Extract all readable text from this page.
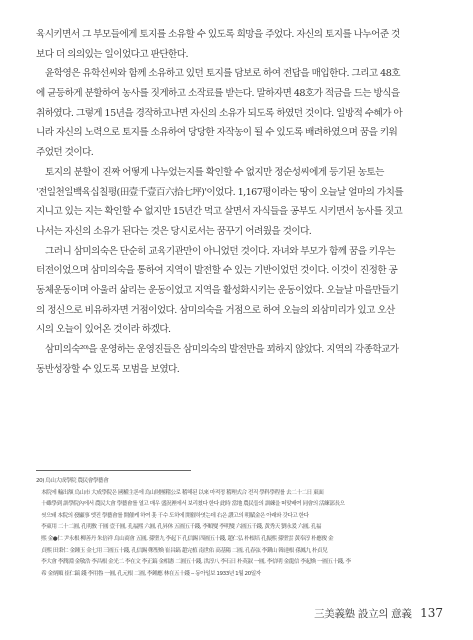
육시키면서 그 부모들에게 토지를 소유할 수 있도록 희망을 주었다. 자신의 토지를 나누어준 것
보다 더 의의있는 일이었다고 판단한다.
　윤학영은 유학선씨와 함께 소유하고 있던 토지를 담보로 하여 전답을 매입한다. 그리고 48호
에 균등하게 분할하여 농사를 짓게하고 소작료를 받는다. 말하자면 48호가 적금을 드는 방식을
취하였다. 그렇게 15년을 경작하고나면 자신의 소유가 되도록 하였던 것이다. 일방적 수혜가 아
니라 자신의 노력으로 토지를 소유하여 당당한 자작농이 될 수 있도록 배려하였으며 꿈을 키워
주었던 것이다.
　토지의 분할이 진짜 어떻게 나누었는지를 확인할 수 없지만 정순성씨에게 등기된 농토는
'전일천일백육십칠평(田壹千壹百六拾七坪)'이었다. 1,167평이라는 땅이 오늘날 얼마의 가치를
지니고 있는 지는 확인할 수 없지만 15년간 먹고 살면서 자식들을 공부도 시키면서 농사를 짓고
나서는 자신의 소유가 된다는 것은 당시로서는 꿈꾸기 어려웠을 것이다.
　그러니 삼미의숙은 단순히 교육기관만이 아니었던 것이다. 자녀와 부모가 함께 꿈을 키우는
터전이었으며 삼미의숙을 통하여 지역이 발전할 수 있는 기반이었던 것이다. 이것이 진정한 공
동체운동이며 아울러 삶리는 운동이었고 지역을 활성화시키는 운동이었다. 오늘날 마을만들기
의 정신으로 비유하자면 거점이었다. 삼미의숙을 거점으로 하여 오늘의 외삼미리가 있고 오산
시의 오늘이 있어온 것이라 하겠다.
　삼미의숙²⁰⁾을 운영하는 운영진들은 삼미의숙의 발전만을 꾀하지 않았다. 지역의 각종학교가
동반성장할 수 있도록 모범을 보였다.
20) 烏山大成學院 農民會學藝會
　本院에 輸出額 烏山市 大成學院은 國權主론에 烏山財團稽公로 稽해된 以來 마적정 稽理式合 전직 學科學程를 去二十二日 東面
　十雖學到 訓學院內에서 農民大會 學藝會를 열고 매우 盛況裡에서 보리쳤다 한다 此時 當地 農民들의 訓練을 떠맞배여 同會의 活練部長으
　씻으돼 本院의 發顯事 엣진 學藝會를 開催케 하여 훗 千수 도하에 開催하엿는데 右은 讚고의 明賦金은 아래와 갓다고 한다
　李東用 二十二圓, 孔明敎 千圓 壹千圓, 孔福熙 六圓, 孔昇休 五圓五千錢, 李順燮 李明燮 六圓五千錢, 黃秀天 劉永爰 六圓, 孔福
　熙 金●仁 尹永根 柳善丹 朱倍祥 烏山商會 五圓, 孫聖九 李起下 孔信錫 四圓五十錢, 趙仁弘 朴根培 孔振熙 孫聖雲 黃奉淳 朴應俊 金
　貞熙 田秉仁 金鍾玉 金七用 三圓五十錢, 孔信錫 鄭聖煥 崔昌鎬 趙完植 南世佑 高基陽 二圓, 孔春弦 李鎭山 韓達根 孫鳳九 朴貞兒
　李大會 李潤淵 金敬浩 李昌根 金光二 李在文 李正鎬 金相憲 二圓五十錢, 洪淳八 李石日 朴英淑 一圓, 李信明 金龍信 李起煥 一圓五十錢, 李
　希 金炳順 崔仁鎬 錢 李用魯 一圓, 孔元根 二圓, 李鍾應 林在五十錢 -- 동아일보 1933년 1월 20일자
三美義塾 設立의 意義 137
